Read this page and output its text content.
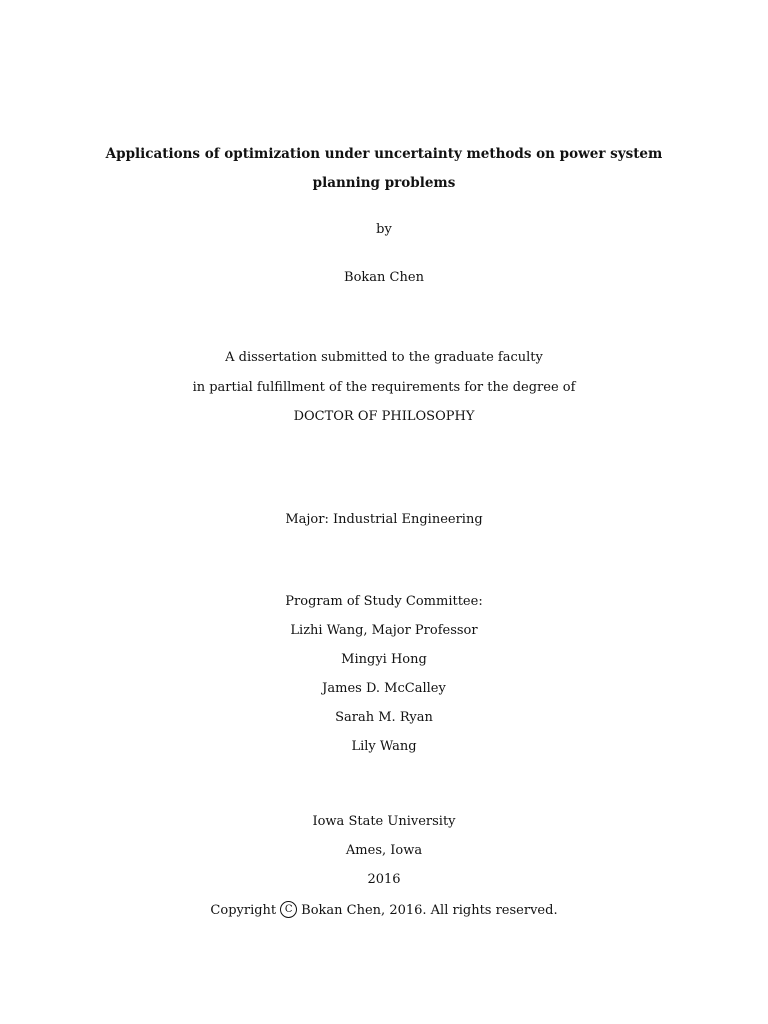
Applications of optimization under uncertainty methods on power system
planning problems
by
Bokan Chen
A dissertation submitted to the graduate faculty
in partial fulfillment of the requirements for the degree of
DOCTOR OF PHILOSOPHY
Major: Industrial Engineering
Program of Study Committee:
Lizhi Wang, Major Professor
Mingyi Hong
James D. McCalley
Sarah M. Ryan
Lily Wang
Iowa State University
Ames, Iowa
2016
Copyright C Bokan Chen, 2016. All rights reserved.
